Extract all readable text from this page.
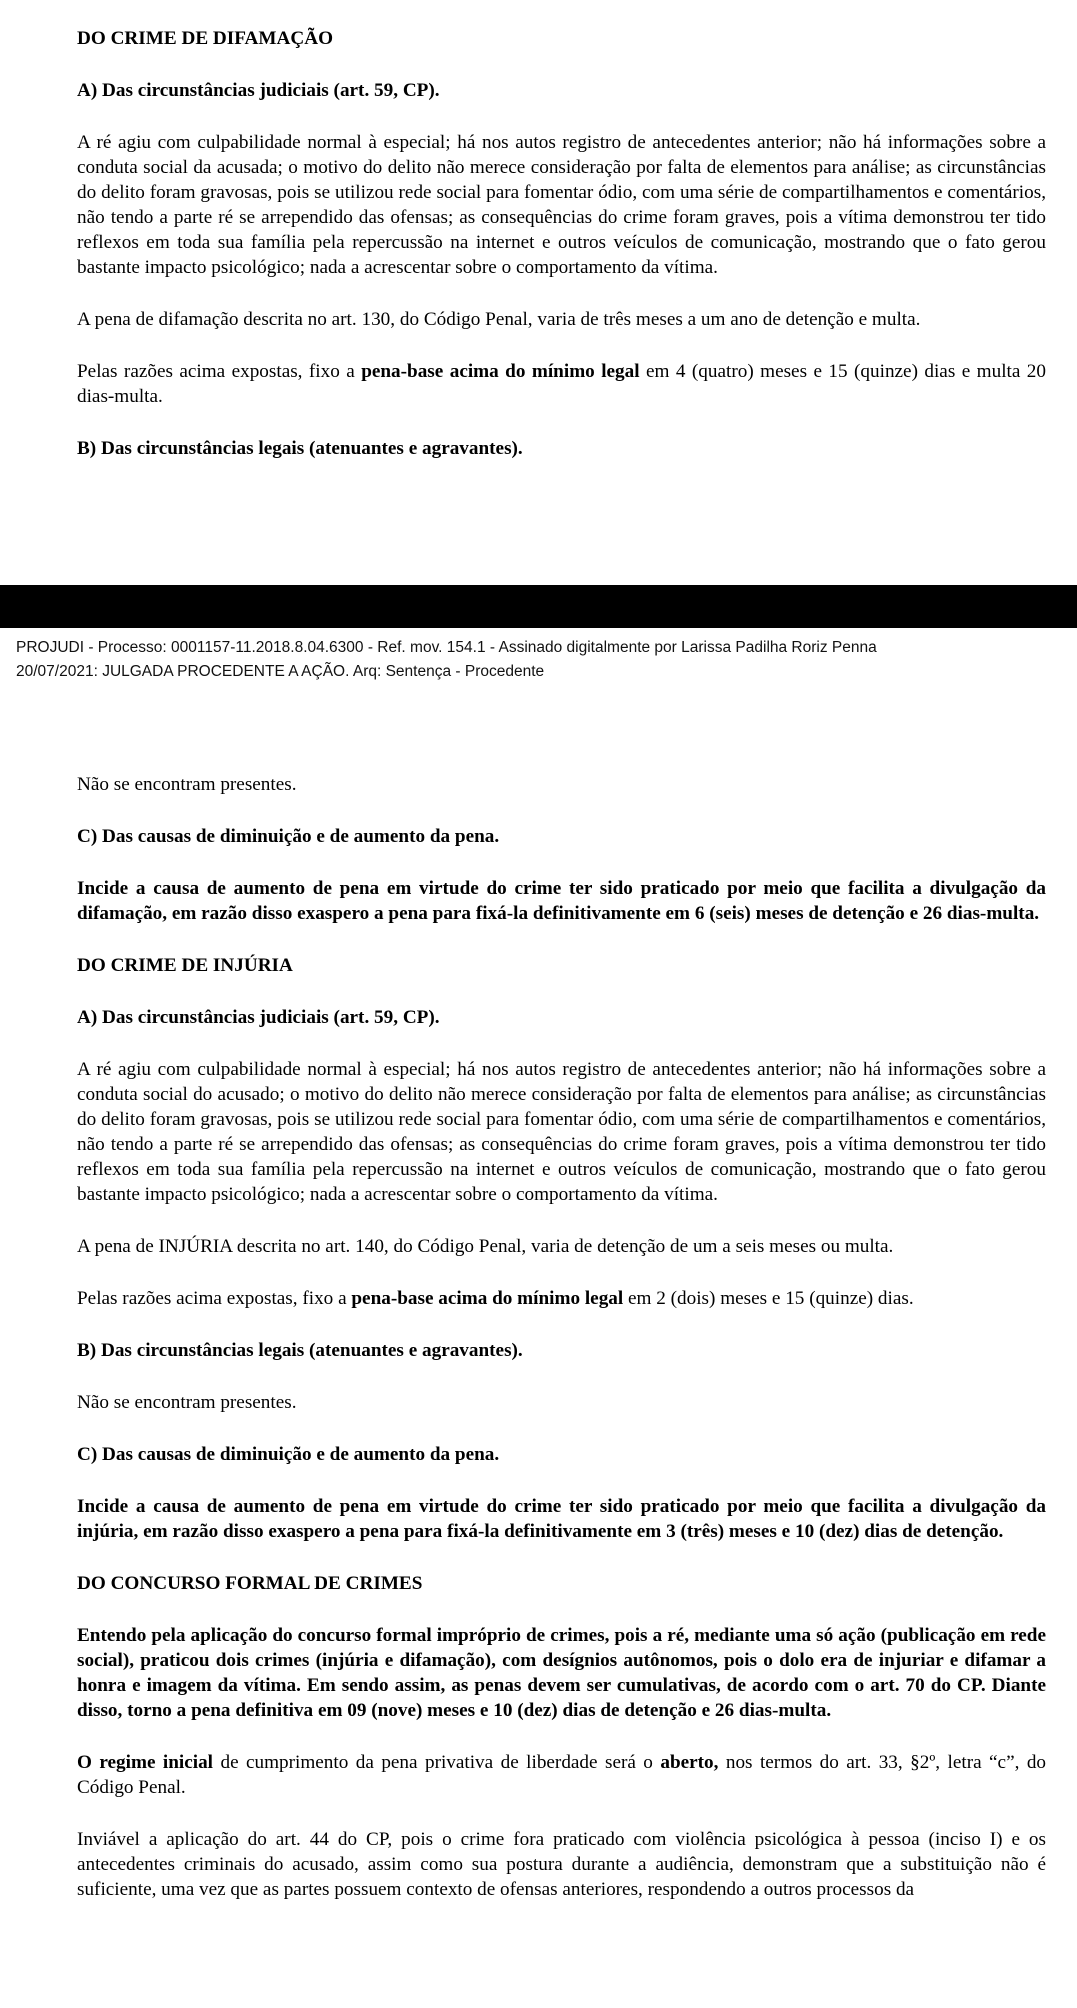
DO CRIME DE DIFAMAÇÃO

A) Das circunstâncias judiciais (art. 59, CP).

A ré agiu com culpabilidade normal à especial; há nos autos registro de antecedentes anterior; não há informações sobre a conduta social da acusada; o motivo do delito não merece consideração por falta de elementos para análise; as circunstâncias do delito foram gravosas, pois se utilizou rede social para fomentar ódio, com uma série de compartilhamentos e comentários, não tendo a parte ré se arrependido das ofensas; as consequências do crime foram graves, pois a vítima demonstrou ter tido reflexos em toda sua família pela repercussão na internet e outros veículos de comunicação, mostrando que o fato gerou bastante impacto psicológico; nada a acrescentar sobre o comportamento da vítima.

A pena de difamação descrita no art. 130, do Código Penal, varia de três meses a um ano de detenção e multa.

Pelas razões acima expostas, fixo a pena-base acima do mínimo legal em 4 (quatro) meses e 15 (quinze) dias e multa 20 dias-multa.

B) Das circunstâncias legais (atenuantes e agravantes).

PROJUDI - Processo: 0001157-11.2018.8.04.6300 - Ref. mov. 154.1 - Assinado digitalmente por Larissa Padilha Roriz Penna
20/07/2021: JULGADA PROCEDENTE A AÇÃO. Arq: Sentença - Procedente

Não se encontram presentes.

C) Das causas de diminuição e de aumento da pena.

Incide a causa de aumento de pena em virtude do crime ter sido praticado por meio que facilita a divulgação da difamação, em razão disso exaspero a pena para fixá-la definitivamente em 6 (seis) meses de detenção e 26 dias-multa.

DO CRIME DE INJÚRIA

A) Das circunstâncias judiciais (art. 59, CP).

A ré agiu com culpabilidade normal à especial; há nos autos registro de antecedentes anterior; não há informações sobre a conduta social do acusado; o motivo do delito não merece consideração por falta de elementos para análise; as circunstâncias do delito foram gravosas, pois se utilizou rede social para fomentar ódio, com uma série de compartilhamentos e comentários, não tendo a parte ré se arrependido das ofensas; as consequências do crime foram graves, pois a vítima demonstrou ter tido reflexos em toda sua família pela repercussão na internet e outros veículos de comunicação, mostrando que o fato gerou bastante impacto psicológico; nada a acrescentar sobre o comportamento da vítima.

A pena de INJÚRIA descrita no art. 140, do Código Penal, varia de detenção de um a seis meses ou multa.

Pelas razões acima expostas, fixo a pena-base acima do mínimo legal em 2 (dois) meses e 15 (quinze) dias.

B) Das circunstâncias legais (atenuantes e agravantes).

Não se encontram presentes.

C) Das causas de diminuição e de aumento da pena.

Incide a causa de aumento de pena em virtude do crime ter sido praticado por meio que facilita a divulgação da injúria, em razão disso exaspero a pena para fixá-la definitivamente em 3 (três) meses e 10 (dez) dias de detenção.

DO CONCURSO FORMAL DE CRIMES

Entendo pela aplicação do concurso formal impróprio de crimes, pois a ré, mediante uma só ação (publicação em rede social), praticou dois crimes (injúria e difamação), com desígnios autônomos, pois o dolo era de injuriar e difamar a honra e imagem da vítima. Em sendo assim, as penas devem ser cumulativas, de acordo com o art. 70 do CP. Diante disso, torno a pena definitiva em 09 (nove) meses e 10 (dez) dias de detenção e 26 dias-multa.

O regime inicial de cumprimento da pena privativa de liberdade será o aberto, nos termos do art. 33, §2º, letra “c”, do Código Penal.

Inviável a aplicação do art. 44 do CP, pois o crime fora praticado com violência psicológica à pessoa (inciso I) e os antecedentes criminais do acusado, assim como sua postura durante a audiência, demonstram que a substituição não é suficiente, uma vez que as partes possuem contexto de ofensas anteriores, respondendo a outros processos da
